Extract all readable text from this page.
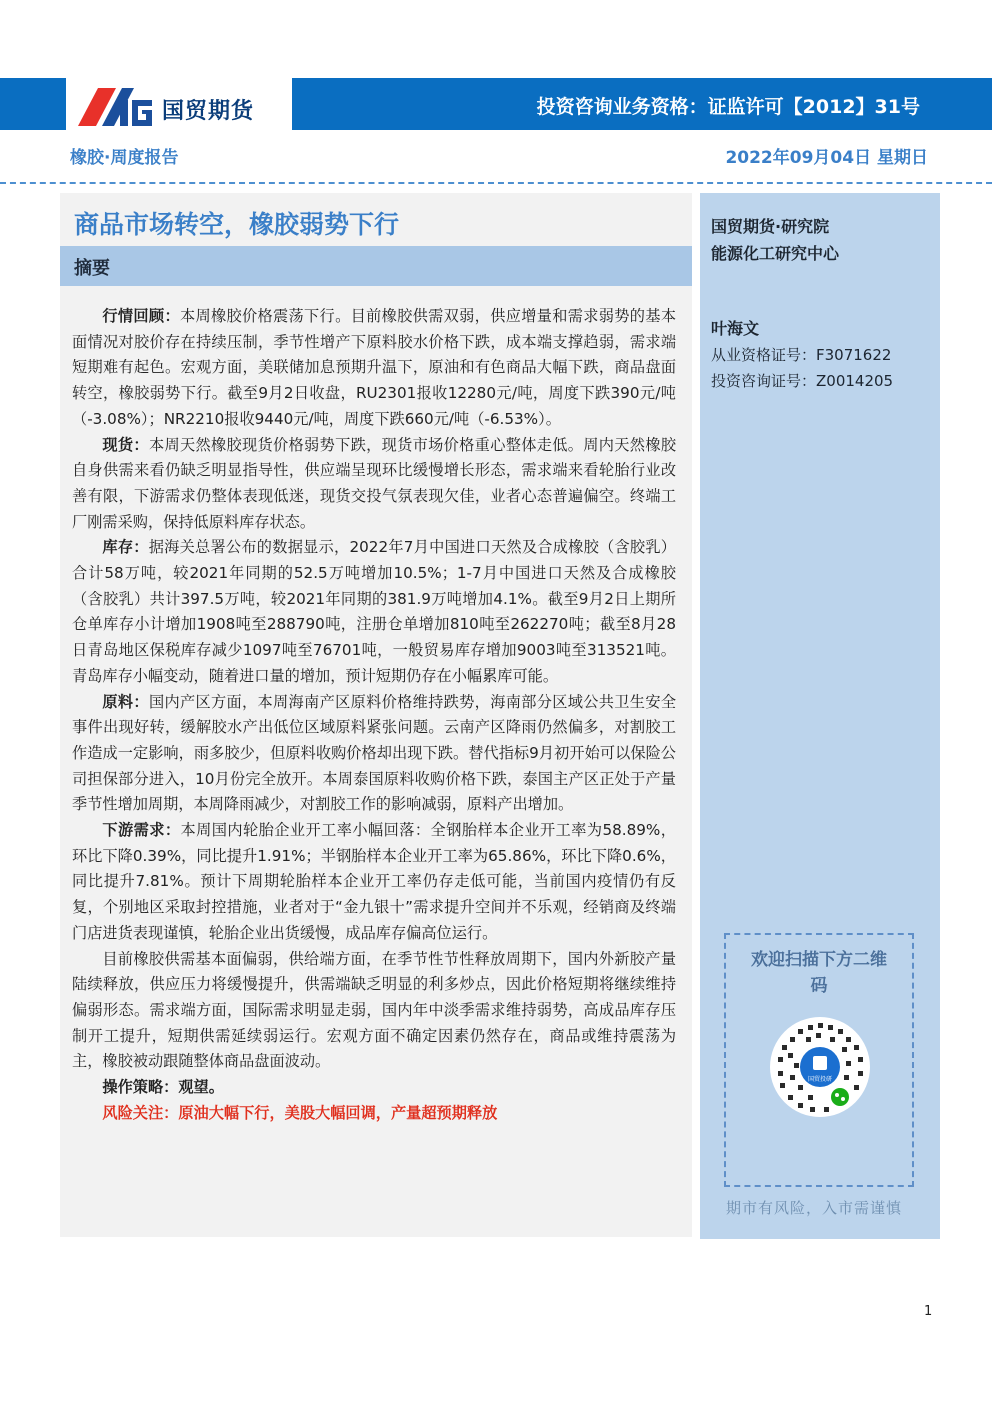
国贸期货	投资咨询业务资格：证监许可【2012】31号
橡胶·周度报告	2022年09月04日 星期日
商品市场转空，橡胶弱势下行
摘要

行情回顾：本周橡胶价格震荡下行。目前橡胶供需双弱，供应增量和需求弱势的基本面情况对胶价存在持续压制，季节性增产下原料胶水价格下跌，成本端支撑趋弱，需求端短期难有起色。宏观方面，美联储加息预期升温下，原油和有色商品大幅下跌，商品盘面转空，橡胶弱势下行。截至9月2日收盘，RU2301报收12280元/吨，周度下跌390元/吨（-3.08%）；NR2210报收9440元/吨，周度下跌660元/吨（-6.53%）。

现货：本周天然橡胶现货价格弱势下跌，现货市场价格重心整体走低。周内天然橡胶自身供需来看仍缺乏明显指导性，供应端呈现环比缓慢增长形态，需求端来看轮胎行业改善有限，下游需求仍整体表现低迷，现货交投气氛表现欠佳，业者心态普遍偏空。终端工厂刚需采购，保持低原料库存状态。

库存：据海关总署公布的数据显示，2022年7月中国进口天然及合成橡胶（含胶乳）合计58万吨，较2021年同期的52.5万吨增加10.5%；1-7月中国进口天然及合成橡胶（含胶乳）共计397.5万吨，较2021年同期的381.9万吨增加4.1%。截至9月2日上期所仓单库存小计增加1908吨至288790吨，注册仓单增加810吨至262270吨；截至8月28日青岛地区保税库存减少1097吨至76701吨，一般贸易库存增加9003吨至313521吨。青岛库存小幅变动，随着进口量的增加，预计短期仍存在小幅累库可能。

原料：国内产区方面，本周海南产区原料价格维持跌势，海南部分区域公共卫生安全事件出现好转，缓解胶水产出低位区域原料紧张问题。云南产区降雨仍然偏多，对割胶工作造成一定影响，雨多胶少，但原料收购价格却出现下跌。替代指标9月初开始可以保险公司担保部分进入，10月份完全放开。本周泰国原料收购价格下跌，泰国主产区正处于产量季节性增加周期，本周降雨减少，对割胶工作的影响减弱，原料产出增加。

下游需求：本周国内轮胎企业开工率小幅回落：全钢胎样本企业开工率为58.89%，环比下降0.39%，同比提升1.91%；半钢胎样本企业开工率为65.86%，环比下降0.6%，同比提升7.81%。预计下周期轮胎样本企业开工率仍存走低可能，当前国内疫情仍有反复，个别地区采取封控措施，业者对于“金九银十”需求提升空间并不乐观，经销商及终端门店进货表现谨慎，轮胎企业出货缓慢，成品库存偏高位运行。

目前橡胶供需基本面偏弱，供给端方面，在季节性节性释放周期下，国内外新胶产量陆续释放，供应压力将缓慢提升，供需端缺乏明显的利多炒点，因此价格短期将继续维持偏弱形态。需求端方面，国际需求明显走弱，国内年中淡季需求维持弱势，高成品库存压制开工提升，短期供需延续弱运行。宏观方面不确定因素仍然存在，商品或维持震荡为主，橡胶被动跟随整体商品盘面波动。

操作策略：观望。

风险关注：原油大幅下行，美股大幅回调，产量超预期释放

国贸期货·研究院
能源化工研究中心
叶海文
从业资格证号：F3071622
投资咨询证号：Z0014205
欢迎扫描下方二维码
国贸投研
期市有风险，入市需谨慎
1
